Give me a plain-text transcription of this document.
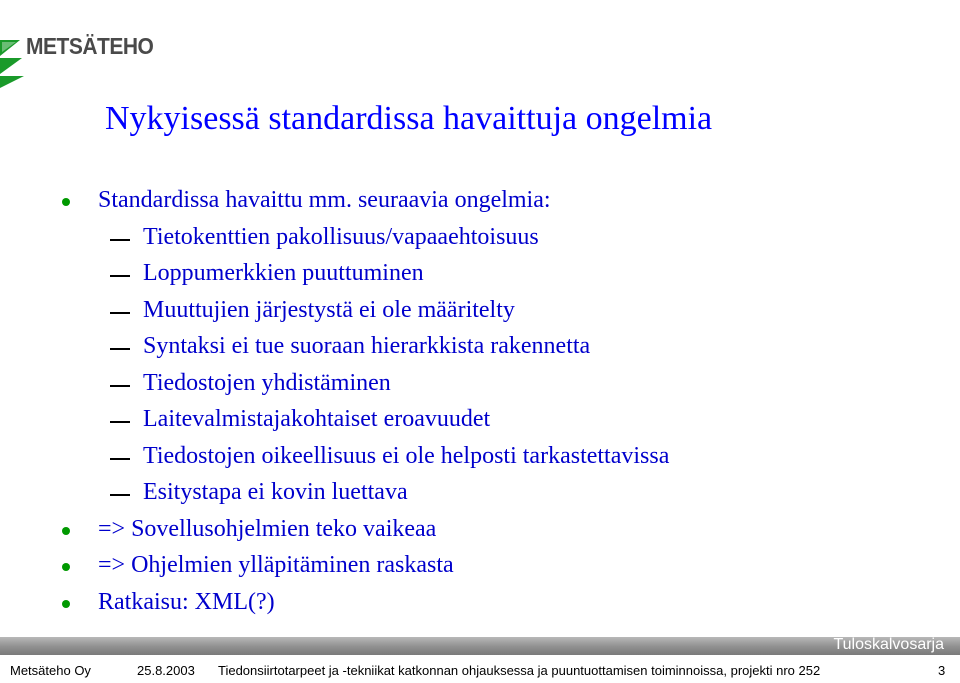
METSÄTEHO
Nykyisessä standardissa havaittuja ongelmia
Standardissa havaittu mm. seuraavia ongelmia:
Tietokenttien pakollisuus/vapaaehtoisuus
Loppumerkkien puuttuminen
Muuttujien järjestystä ei ole määritelty
Syntaksi ei tue suoraan hierarkkista rakennetta
Tiedostojen yhdistäminen
Laitevalmistajakohtaiset eroavuudet
Tiedostojen oikeellisuus ei ole helposti tarkastettavissa
Esitystapa ei kovin luettava
=> Sovellusohjelmien teko vaikeaa
=> Ohjelmien ylläpitäminen raskasta
Ratkaisu: XML(?)
Tuloskalvosarja
Metsäteho Oy	25.8.2003 Tiedonsiirtotarpeet ja -tekniikat katkonnan ohjauksessa ja puuntuottamisen toiminnoissa, projekti nro 252	3
